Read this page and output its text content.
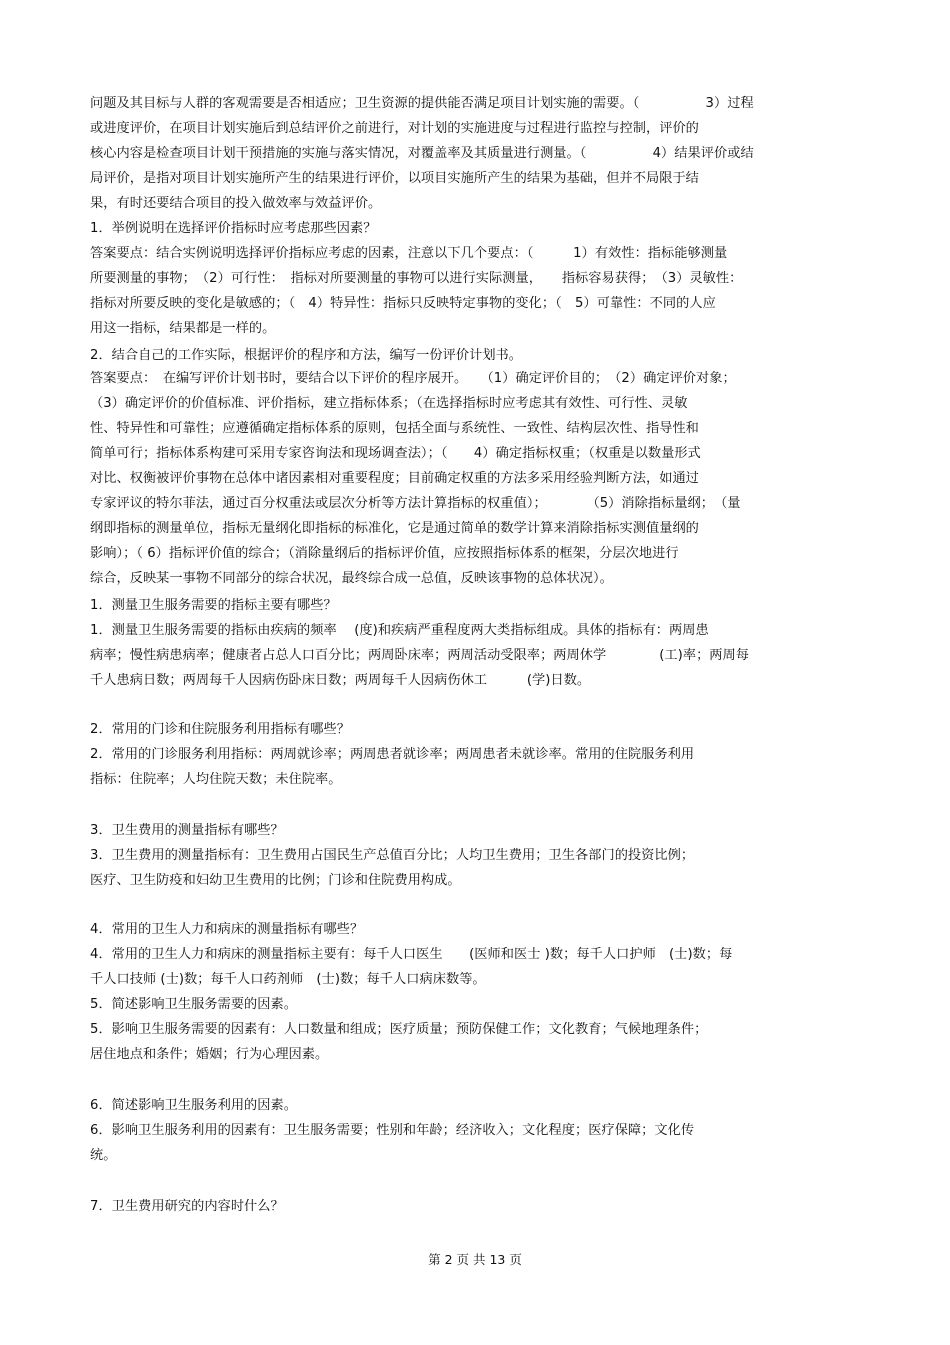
问题及其目标与人群的客观需要是否相适应；卫生资源的提供能否满足项目计划实施的需要。（　　　　　3）过程
或进度评价，在项目计划实施后到总结评价之前进行，对计划的实施进度与过程进行监控与控制，评价的
核心内容是检查项目计划干预措施的实施与落实情况，对覆盖率及其质量进行测量。（　　　　　4）结果评价或结
局评价，是指对项目计划实施所产生的结果进行评价，以项目实施所产生的结果为基础，但并不局限于结
果，有时还要结合项目的投入做效率与效益评价。
1．举例说明在选择评价指标时应考虑那些因素？
答案要点：结合实例说明选择评价指标应考虑的因素，注意以下几个要点：（　　　1）有效性：指标能够测量
所要测量的事物；　（2）可行性：　指标对所要测量的事物可以进行实际测量，　　指标容易获得；　（3）灵敏性：
指标对所要反映的变化是敏感的；（　4）特异性：指标只反映特定事物的变化；（　5）可靠性：不同的人应
用这一指标，结果都是一样的。
2．结合自己的工作实际，根据评价的程序和方法，编写一份评价计划书。
答案要点：　在编写评价计划书时，要结合以下评价的程序展开。　　（1）确定评价目的；　（2）确定评价对象；
（3）确定评价的价值标准、评价指标，建立指标体系；（在选择指标时应考虑其有效性、可行性、灵敏
性、特异性和可靠性；应遵循确定指标体系的原则，包括全面与系统性、一致性、结构层次性、指导性和
简单可行；指标体系构建可采用专家咨询法和现场调查法）；（　　4）确定指标权重；（权重是以数量形式
对比、权衡被评价事物在总体中诸因素相对重要程度；目前确定权重的方法多采用经验判断方法，如通过
专家评议的特尔菲法，通过百分权重法或层次分析等方法计算指标的权重值）；　　　　（5）消除指标量纲；　（量
纲即指标的测量单位，指标无量纲化即指标的标准化，它是通过简单的数学计算来消除指标实测值量纲的
影响）；（ 6）指标评价值的综合；（消除量纲后的指标评价值，应按照指标体系的框架，分层次地进行
综合，反映某一事物不同部分的综合状况，最终综合成一总值，反映该事物的总体状况）。
1．测量卫生服务需要的指标主要有哪些？
1．测量卫生服务需要的指标由疾病的频率　 (度)和疾病严重程度两大类指标组成。具体的指标有：两周患
病率；慢性病患病率；健康者占总人口百分比；两周卧床率；两周活动受限率；两周休学　　　　(工)率；两周每
千人患病日数；两周每千人因病伤卧床日数；两周每千人因病伤休工　　　(学)日数。
2．常用的门诊和住院服务利用指标有哪些？
2．常用的门诊服务利用指标：两周就诊率；两周患者就诊率；两周患者未就诊率。常用的住院服务利用
指标：住院率；人均住院天数；未住院率。
3．卫生费用的测量指标有哪些？
3．卫生费用的测量指标有：卫生费用占国民生产总值百分比；人均卫生费用；卫生各部门的投资比例；
医疗、卫生防疫和妇幼卫生费用的比例；门诊和住院费用构成。
4．常用的卫生人力和病床的测量指标有哪些？
4．常用的卫生人力和病床的测量指标主要有：每千人口医生　　(医师和医士 )数；每千人口护师　(士)数；每
千人口技师 (士)数；每千人口药剂师　(士)数；每千人口病床数等。
5．简述影响卫生服务需要的因素。
5．影响卫生服务需要的因素有：人口数量和组成；医疗质量；预防保健工作；文化教育；气候地理条件；
居住地点和条件；婚姻；行为心理因素。
6．简述影响卫生服务利用的因素。
6．影响卫生服务利用的因素有：卫生服务需要；性别和年龄；经济收入；文化程度；医疗保障；文化传
统。
7．卫生费用研究的内容时什么？
第 2 页 共 13 页
